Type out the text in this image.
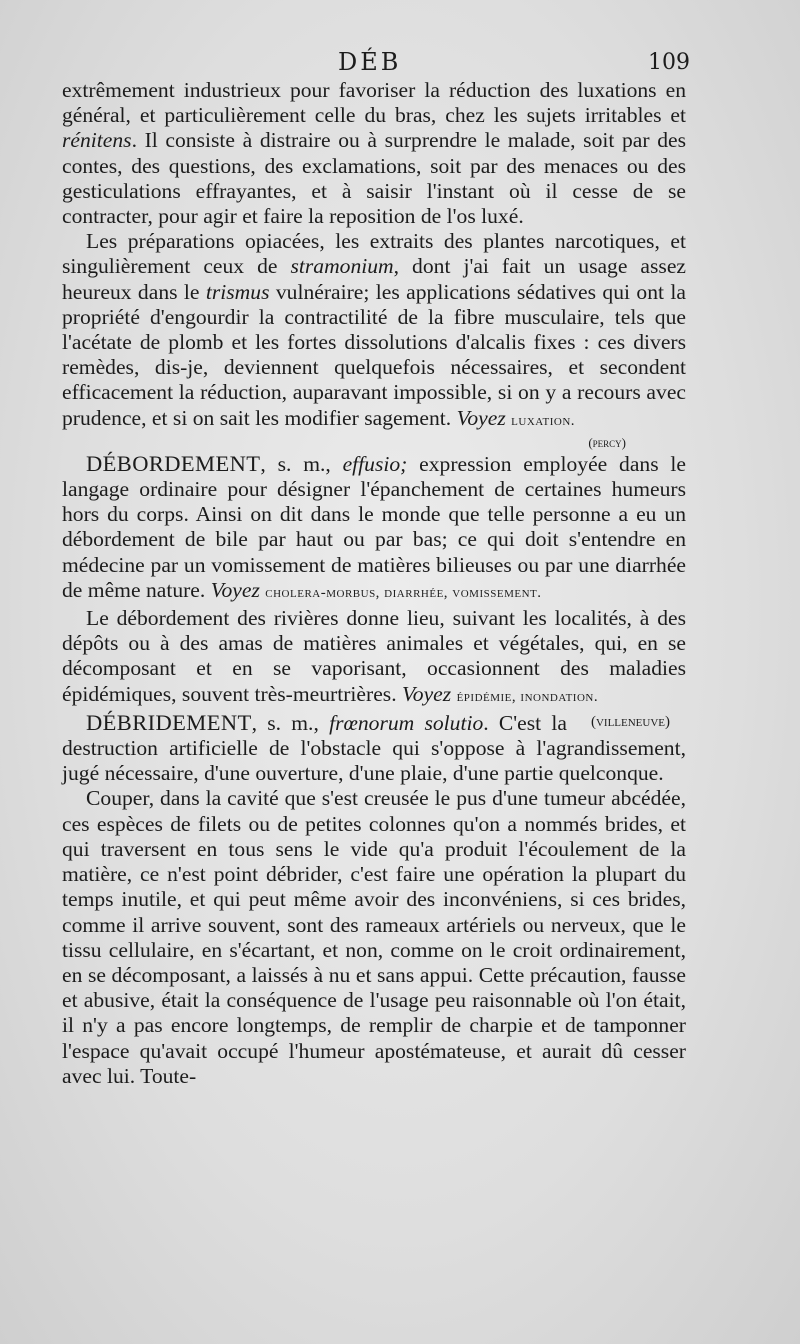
DÉB	109

extrêmement industrieux pour favoriser la réduction des luxations en général, et particulièrement celle du bras, chez les sujets irritables et rénitens. Il consiste à distraire ou à surprendre le malade, soit par des contes, des questions, des exclamations, soit par des menaces ou des gesticulations effrayantes, et à saisir l'instant où il cesse de se contracter, pour agir et faire la reposition de l'os luxé.

Les préparations opiacées, les extraits des plantes narcotiques, et singulièrement ceux de stramonium, dont j'ai fait un usage assez heureux dans le trismus vulnéraire; les applications sédatives qui ont la propriété d'engourdir la contractilité de la fibre musculaire, tels que l'acétate de plomb et les fortes dissolutions d'alcalis fixes : ces divers remèdes, dis-je, deviennent quelquefois nécessaires, et secondent efficacement la réduction, auparavant impossible, si on y a recours avec prudence, et si on sait les modifier sagement. Voyez luxation.
(percy)

DÉBORDEMENT, s. m., effusio; expression employée dans le langage ordinaire pour désigner l'épanchement de certaines humeurs hors du corps. Ainsi on dit dans le monde que telle personne a eu un débordement de bile par haut ou par bas; ce qui doit s'entendre en médecine par un vomissement de matières bilieuses ou par une diarrhée de même nature. Voyez cholera-morbus, diarrhée, vomissement.

Le débordement des rivières donne lieu, suivant les localités, à des dépôts ou à des amas de matières animales et végétales, qui, en se décomposant et en se vaporisant, occasionnent des maladies épidémiques, souvent très-meurtrières. Voyez épidémie, inondation.
(villeneuve)

DÉBRIDEMENT, s. m., frœnorum solutio. C'est la destruction artificielle de l'obstacle qui s'oppose à l'agrandissement, jugé nécessaire, d'une ouverture, d'une plaie, d'une partie quelconque.

Couper, dans la cavité que s'est creusée le pus d'une tumeur abcédée, ces espèces de filets ou de petites colonnes qu'on a nommés brides, et qui traversent en tous sens le vide qu'a produit l'écoulement de la matière, ce n'est point débrider, c'est faire une opération la plupart du temps inutile, et qui peut même avoir des inconvéniens, si ces brides, comme il arrive souvent, sont des rameaux artériels ou nerveux, que le tissu cellulaire, en s'écartant, et non, comme on le croit ordinairement, en se décomposant, a laissés à nu et sans appui. Cette précaution, fausse et abusive, était la conséquence de l'usage peu raisonnable où l'on était, il n'y a pas encore longtemps, de remplir de charpie et de tamponner l'espace qu'avait occupé l'humeur apostémateuse, et aurait dû cesser avec lui. Toute-
